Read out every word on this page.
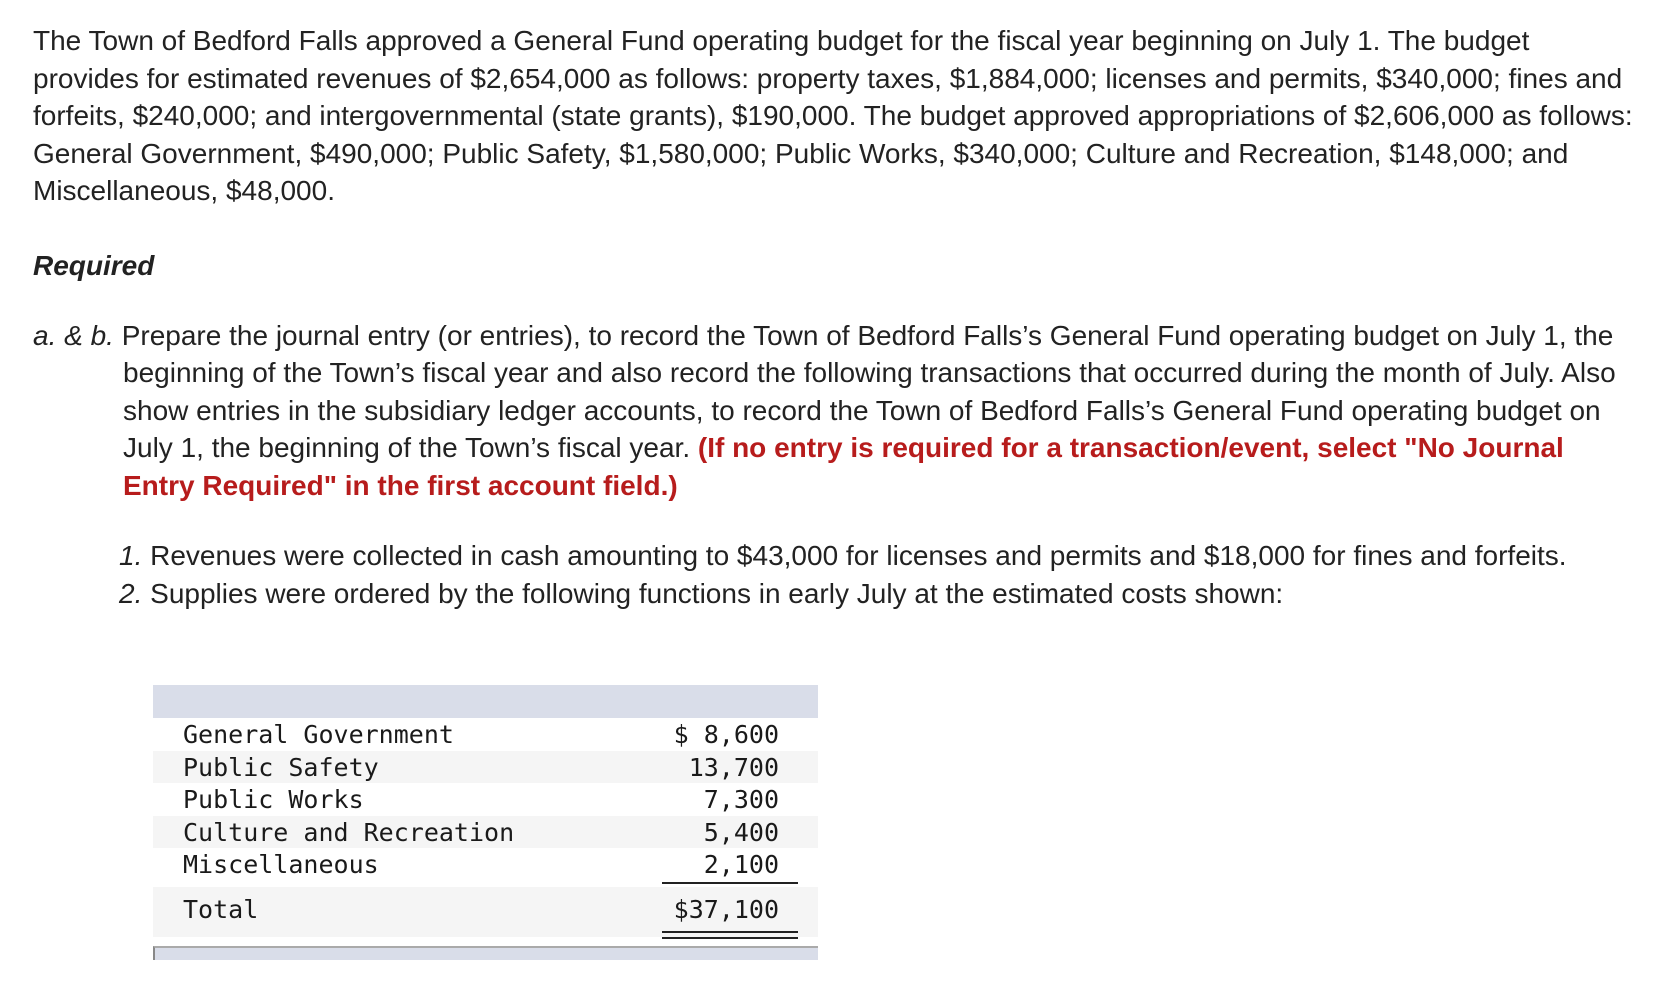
The Town of Bedford Falls approved a General Fund operating budget for the fiscal year beginning on July 1. The budget provides for estimated revenues of $2,654,000 as follows: property taxes, $1,884,000; licenses and permits, $340,000; fines and forfeits, $240,000; and intergovernmental (state grants), $190,000. The budget approved appropriations of $2,606,000 as follows: General Government, $490,000; Public Safety, $1,580,000; Public Works, $340,000; Culture and Recreation, $148,000; and Miscellaneous, $48,000.

Required

a. & b. Prepare the journal entry (or entries), to record the Town of Bedford Falls’s General Fund operating budget on July 1, the beginning of the Town’s fiscal year and also record the following transactions that occurred during the month of July. Also show entries in the subsidiary ledger accounts, to record the Town of Bedford Falls’s General Fund operating budget on July 1, the beginning of the Town’s fiscal year. (If no entry is required for a transaction/event, select "No Journal Entry Required" in the first account field.)

1. Revenues were collected in cash amounting to $43,000 for licenses and permits and $18,000 for fines and forfeits.
2. Supplies were ordered by the following functions in early July at the estimated costs shown:
General Government	$ 8,600
Public Safety	13,700
Public Works	7,300
Culture and Recreation	5,400
Miscellaneous	2,100
Total	$37,100
